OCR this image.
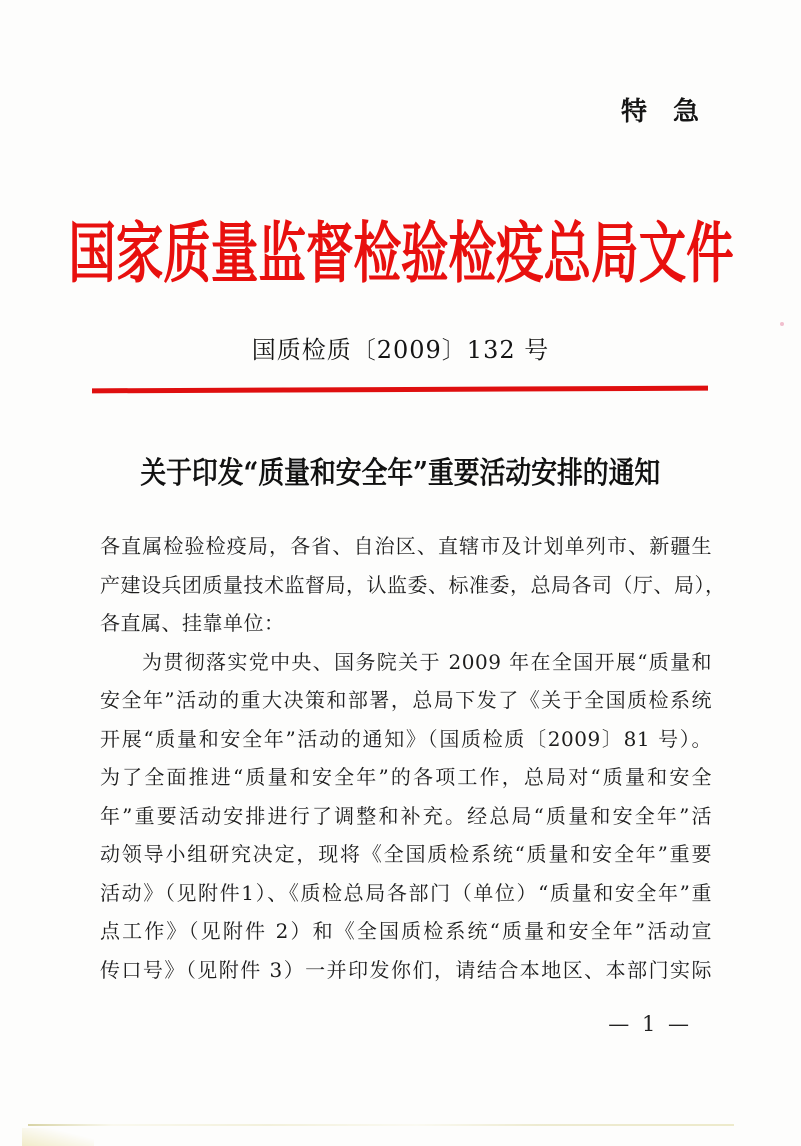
特　急
国家质量监督检验检疫总局文件
国质检质〔2009〕132 号
关于印发“质量和安全年”重要活动安排的通知
各直属检验检疫局，各省、自治区、直辖市及计划单列市、新疆生
产建设兵团质量技术监督局，认监委、标准委，总局各司（厅、局），
各直属、挂靠单位：
为贯彻落实党中央、国务院关于 2009 年在全国开展“质量和
安全年”活动的重大决策和部署，总局下发了《关于全国质检系统
开展“质量和安全年”活动的通知》（国质检质〔2009〕81 号）。
为了全面推进“质量和安全年”的各项工作，总局对“质量和安全
年”重要活动安排进行了调整和补充。经总局“质量和安全年”活
动领导小组研究决定，现将《全国质检系统“质量和安全年”重要
活动》（见附件1）、《质检总局各部门（单位）“质量和安全年”重
点工作》（见附件 2）和《全国质检系统“质量和安全年”活动宣
传口号》（见附件 3）一并印发你们，请结合本地区、本部门实际
— 1 —
